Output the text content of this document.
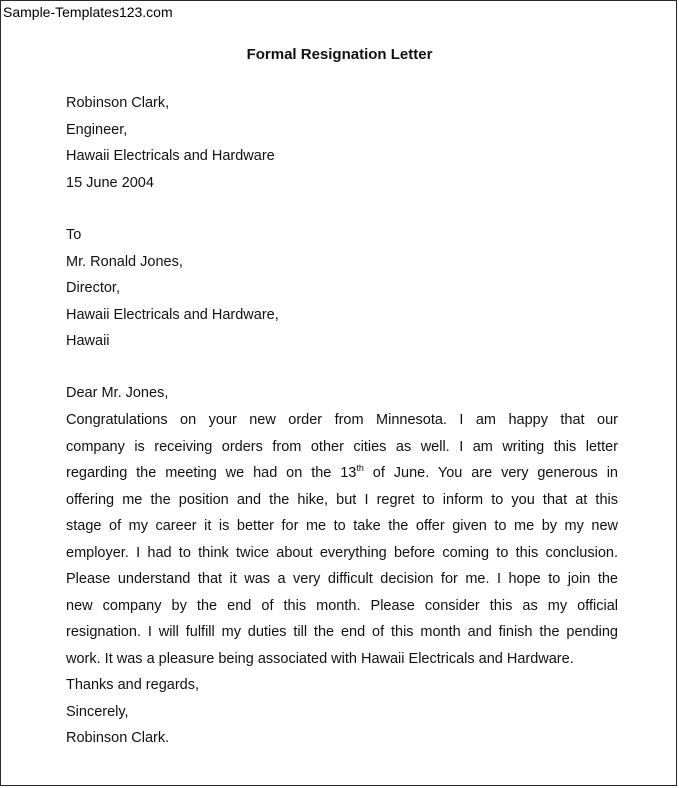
Sample-Templates123.com
Formal Resignation Letter
Robinson Clark,
Engineer,
Hawaii Electricals and Hardware
15 June 2004
To
Mr. Ronald Jones,
Director,
Hawaii Electricals and Hardware,
Hawaii
Dear Mr. Jones,
Congratulations on your new order from Minnesota. I am happy that our
company is receiving orders from other cities as well. I am writing this letter
regarding the meeting we had on the 13th of June. You are very generous in
offering me the position and the hike, but I regret to inform to you that at this
stage of my career it is better for me to take the offer given to me by my new
employer. I had to think twice about everything before coming to this conclusion.
Please understand that it was a very difficult decision for me. I hope to join the
new company by the end of this month. Please consider this as my official
resignation. I will fulfill my duties till the end of this month and finish the pending
work. It was a pleasure being associated with Hawaii Electricals and Hardware.
Thanks and regards,
Sincerely,
Robinson Clark.
